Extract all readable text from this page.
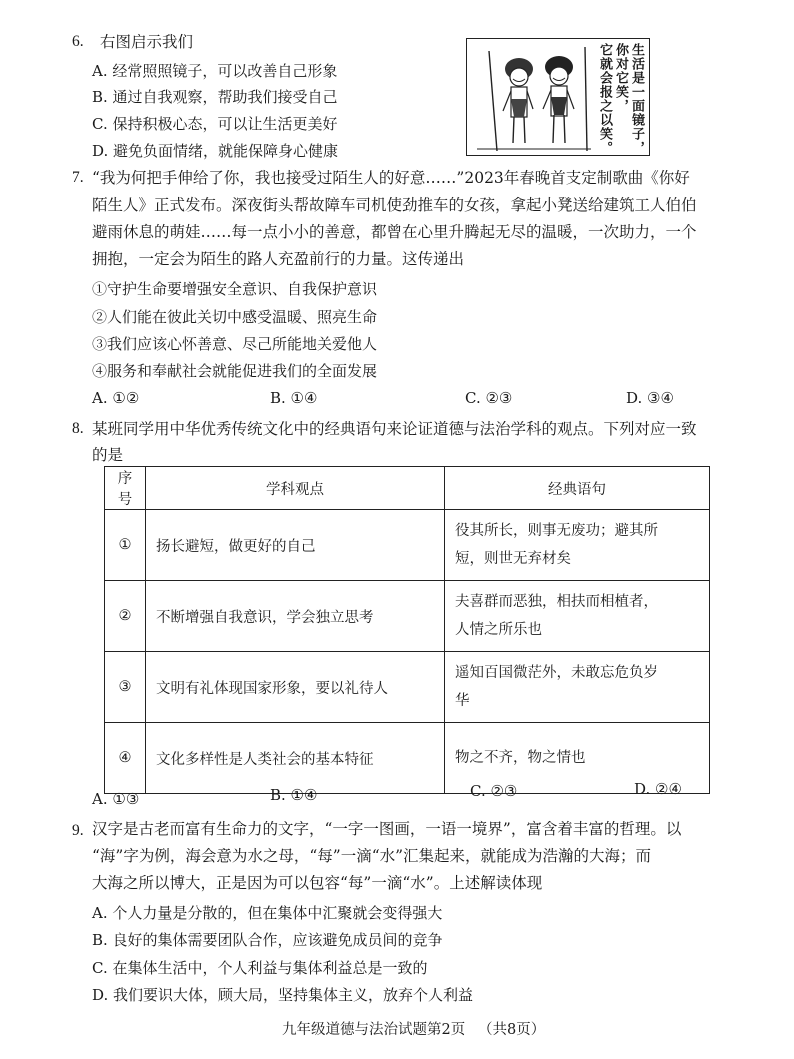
6. 右图启示我们
A. 经常照照镜子，可以改善自己形象
B. 通过自我观察，帮助我们接受自己
C. 保持积极心态，可以让生活更美好
D. 避免负面情绪，就能保障身心健康	生活是一面镜子，
你对它笑，
它就会报之以笑。
7. “我为何把手伸给了你，我也接受过陌生人的好意……”2023年春晚首支定制歌曲《你好
陌生人》正式发布。深夜街头帮故障车司机使劲推车的女孩，拿起小凳送给建筑工人伯伯
避雨休息的萌娃……每一点小小的善意，都曾在心里升腾起无尽的温暖，一次助力，一个
拥抱，一定会为陌生的路人充盈前行的力量。这传递出
①守护生命要增强安全意识、自我保护意识
②人们能在彼此关切中感受温暖、照亮生命
③我们应该心怀善意、尽己所能地关爱他人
④服务和奉献社会就能促进我们的全面发展
A. ①②	B. ①④	C. ②③	D. ③④
8. 某班同学用中华优秀传统文化中的经典语句来论证道德与法治学科的观点。下列对应一致
的是
序号	学科观点	经典语句
①	扬长避短，做更好的自己	役其所长，则事无废功；避其所
短，则世无弃材矣
②	不断增强自我意识，学会独立思考	夫喜群而恶独，相扶而相植者，
人情之所乐也
③	文明有礼体现国家形象，要以礼待人	遥知百国微茫外，未敢忘危负岁
华
④	文化多样性是人类社会的基本特征	物之不齐，物之情也
A. ①③	B. ①④	C. ②③	D. ②④
9. 汉字是古老而富有生命力的文字，“一字一图画，一语一境界”，富含着丰富的哲理。以
“海”字为例，海会意为水之母，“每”一滴“水”汇集起来，就能成为浩瀚的大海；而
大海之所以博大，正是因为可以包容“每”一滴“水”。上述解读体现
A. 个人力量是分散的，但在集体中汇聚就会变得强大
B. 良好的集体需要团队合作，应该避免成员间的竞争
C. 在集体生活中，个人利益与集体利益总是一致的
D. 我们要识大体，顾大局，坚持集体主义，放弃个人利益
九年级道德与法治试题第2页 （共8页）
